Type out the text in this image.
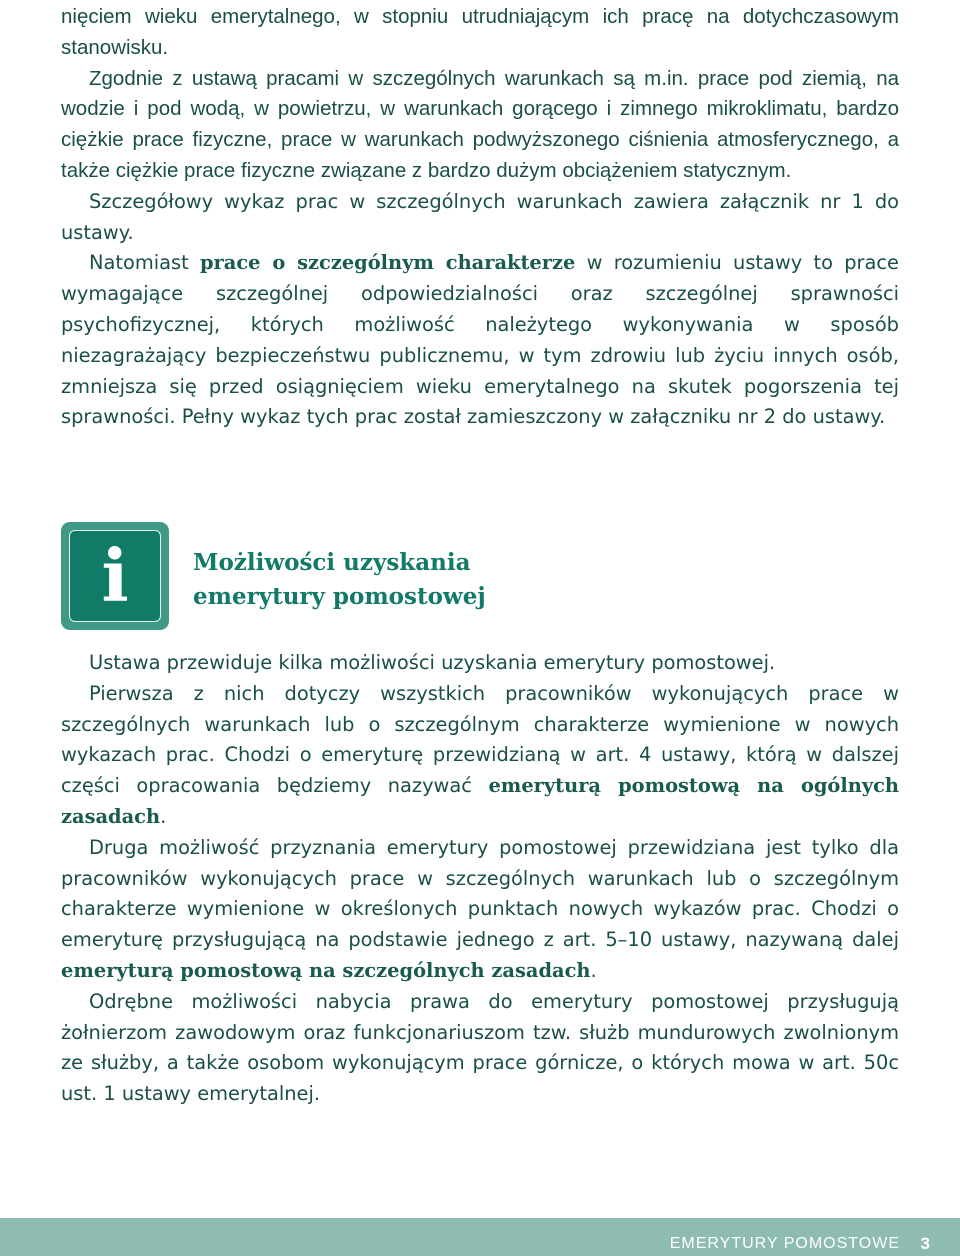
nięciem wieku emerytalnego, w stopniu utrudniającym ich pracę na dotychczasowym stanowisku.

Zgodnie z ustawą pracami w szczególnych warunkach są m.in. prace pod ziemią, na wodzie i pod wodą, w powietrzu, w warunkach gorącego i zimnego mikroklimatu, bardzo ciężkie prace fizyczne, prace w warunkach podwyższonego ciśnienia atmosferycznego, a także ciężkie prace fizyczne związane z bardzo dużym obciążeniem statycznym.

Szczegółowy wykaz prac w szczególnych warunkach zawiera załącznik nr 1 do ustawy.

Natomiast prace o szczególnym charakterze w rozumieniu ustawy to prace wymagające szczególnej odpowiedzialności oraz szczególnej sprawności psychofizycznej, których możliwość należytego wykonywania w sposób niezagrażający bezpieczeństwu publicznemu, w tym zdrowiu lub życiu innych osób, zmniejsza się przed osiągnięciem wieku emerytalnego na skutek pogorszenia tej sprawności. Pełny wykaz tych prac został zamieszczony w załączniku nr 2 do ustawy.

i	Możliwości uzyskania
emerytury pomostowej

Ustawa przewiduje kilka możliwości uzyskania emerytury pomostowej.

Pierwsza z nich dotyczy wszystkich pracowników wykonujących prace w szczególnych warunkach lub o szczególnym charakterze wymienione w nowych wykazach prac. Chodzi o emeryturę przewidzianą w art. 4 ustawy, którą w dalszej części opracowania będziemy nazywać emeryturą pomostową na ogólnych zasadach.

Druga możliwość przyznania emerytury pomostowej przewidziana jest tylko dla pracowników wykonujących prace w szczególnych warunkach lub o szczególnym charakterze wymienione w określonych punktach nowych wykazów prac. Chodzi o emeryturę przysługującą na podstawie jednego z art. 5–10 ustawy, nazywaną dalej emeryturą pomostową na szczególnych zasadach.

Odrębne możliwości nabycia prawa do emerytury pomostowej przysługują żołnierzom zawodowym oraz funkcjonariuszom tzw. służb mundurowych zwolnionym ze służby, a także osobom wykonującym prace górnicze, o których mowa w art. 50c ust. 1 ustawy emerytalnej.

EMERYTURY POMOSTOWE 3
